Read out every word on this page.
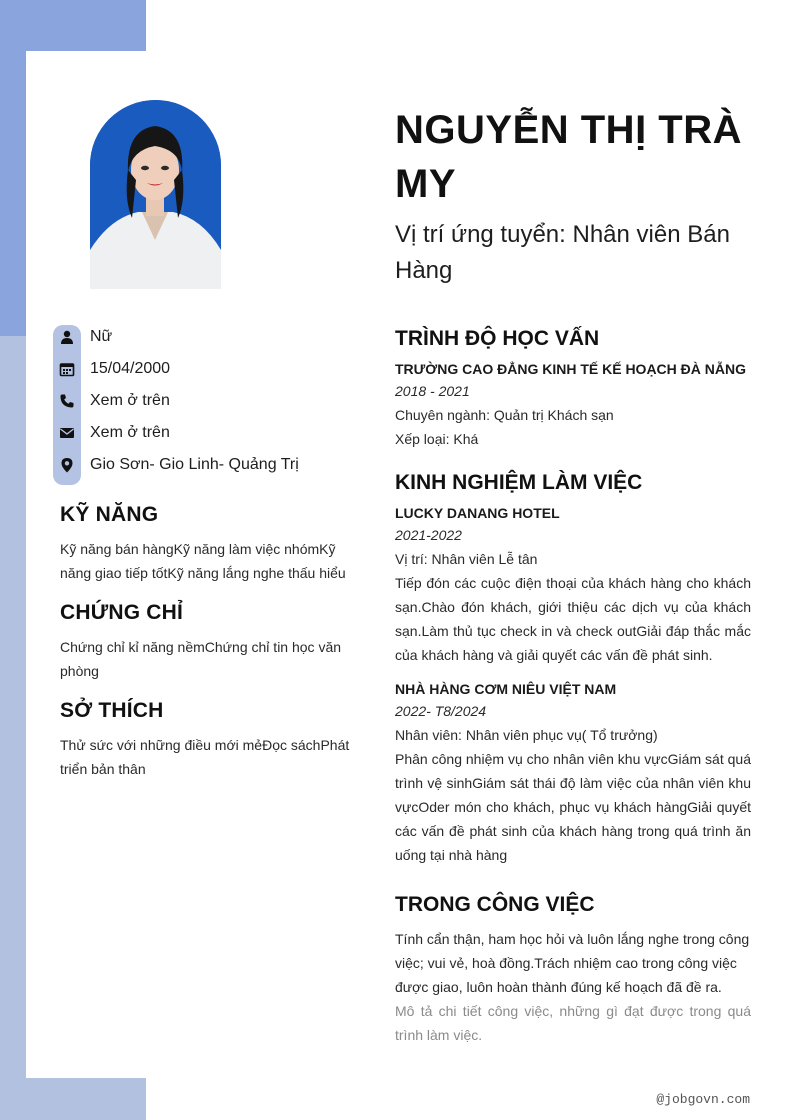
Nữ
15/04/2000
Xem ở trên
Xem ở trên
Gio Sơn- Gio Linh- Quảng Trị
KỸ NĂNG
Kỹ năng bán hàngKỹ năng làm việc nhómKỹ năng giao tiếp tốtKỹ năng lắng nghe thấu hiểu
CHỨNG CHỈ
Chứng chỉ kỉ năng nềmChứng chỉ tin học văn phòng
SỞ THÍCH
Thử sức với những điều mới mẻĐọc sáchPhát triển bản thân
NGUYỄN THỊ TRÀ MY
Vị trí ứng tuyển: Nhân viên Bán Hàng
TRÌNH ĐỘ HỌC VẤN
TRƯỜNG CAO ĐẲNG KINH TẾ KẾ HOẠCH ĐÀ NẴNG
2018 - 2021
Chuyên ngành: Quản trị Khách sạn
Xếp loại: Khá
KINH NGHIỆM LÀM VIỆC
LUCKY DANANG HOTEL
2021-2022
Vị trí: Nhân viên Lễ tân
Tiếp đón các cuộc điện thoại của khách hàng cho khách sạn.Chào đón khách, giới thiệu các dịch vụ của khách sạn.Làm thủ tục check in và check outGiải đáp thắc mắc của khách hàng và giải quyết các vấn đề phát sinh.
NHÀ HÀNG CƠM NIÊU VIỆT NAM
2022- T8/2024
Nhân viên: Nhân viên phục vụ( Tổ trưởng)
Phân công nhiệm vụ cho nhân viên khu vựcGiám sát quá trình vệ sinhGiám sát thái độ làm việc của nhân viên khu vựcOder món cho khách, phục vụ khách hàngGiải quyết các vấn đề phát sinh của khách hàng trong quá trình ăn uống tại nhà hàng
TRONG CÔNG VIỆC
Tính cẩn thận, ham học hỏi và luôn lắng nghe trong công việc; vui vẻ, hoà đồng.Trách nhiệm cao trong công việc được giao, luôn hoàn thành đúng kế hoạch đã đề ra.
Mô tả chi tiết công việc, những gì đạt được trong quá trình làm việc.
@jobgovn.com
